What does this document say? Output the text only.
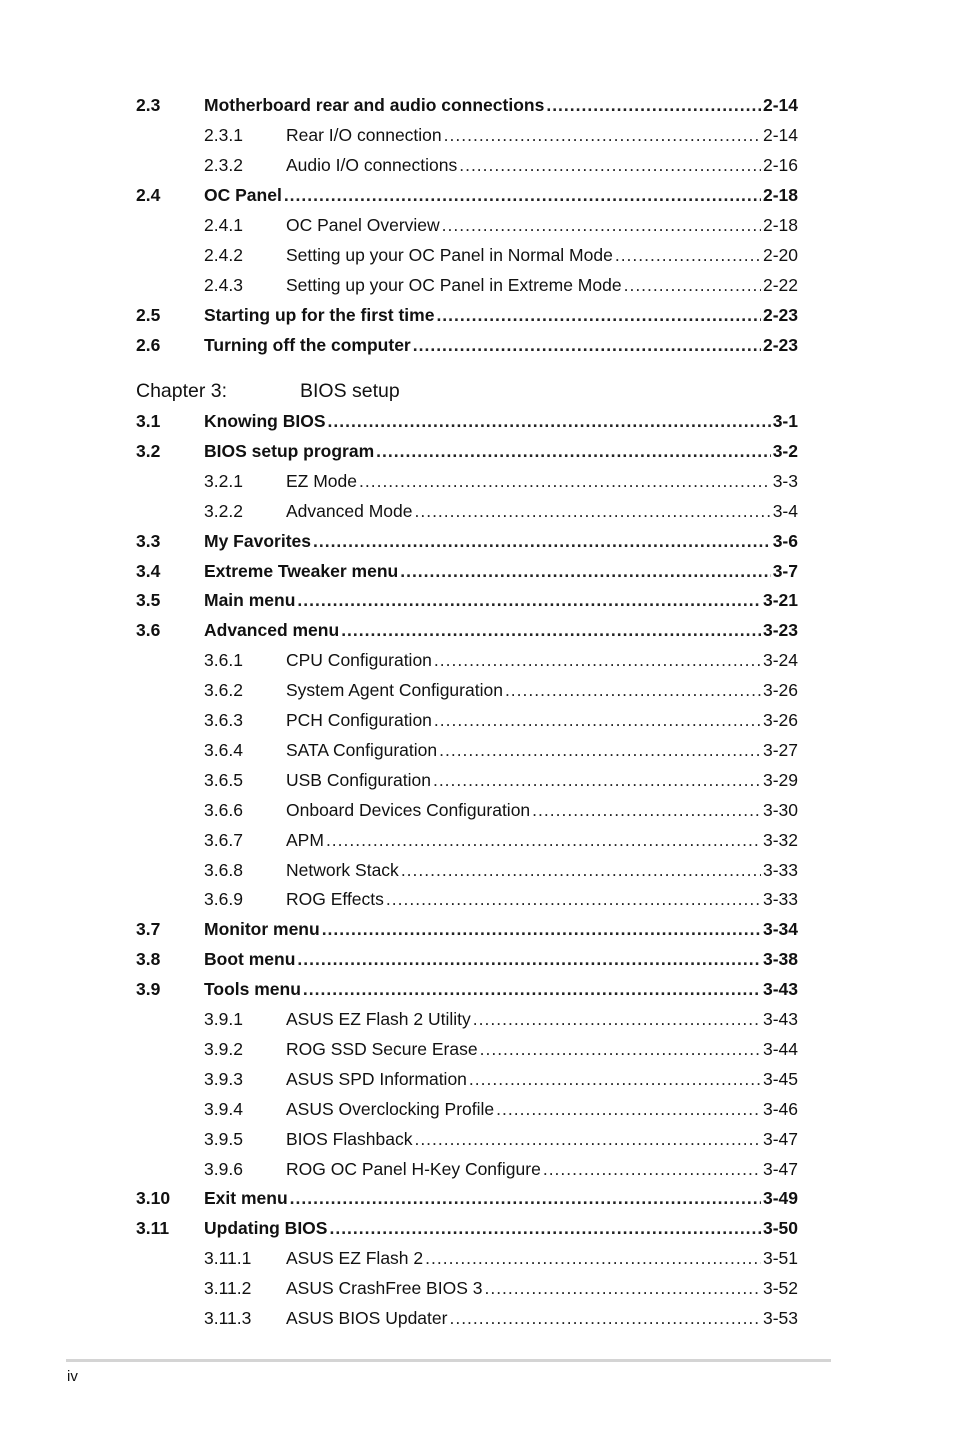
Chapter 3:	BIOS setup
2.3 Motherboard rear and audio connections .....	2-14
2.3.1 Rear I/O connection .....	2-14
2.3.2 Audio I/O connections .....	2-16
2.4 OC Panel .....	2-18
2.4.1 OC Panel Overview .....	2-18
2.4.2 Setting up your OC Panel in Normal Mode .....	2-20
2.4.3 Setting up your OC Panel in Extreme Mode .....	2-22
2.5 Starting up for the first time .....	2-23
2.6 Turning off the computer .....	2-23
3.1 Knowing BIOS .....	3-1
3.2 BIOS setup program .....	3-2
3.2.1 EZ Mode .....	3-3
3.2.2 Advanced Mode .....	3-4
3.3 My Favorites .....	3-6
3.4 Extreme Tweaker menu .....	3-7
3.5 Main menu .....	3-21
3.6 Advanced menu .....	3-23
3.6.1 CPU Configuration .....	3-24
3.6.2 System Agent Configuration .....	3-26
3.6.3 PCH Configuration .....	3-26
3.6.4 SATA Configuration .....	3-27
3.6.5 USB Configuration .....	3-29
3.6.6 Onboard Devices Configuration .....	3-30
3.6.7 APM .....	3-32
3.6.8 Network Stack .....	3-33
3.6.9 ROG Effects .....	3-33
3.7 Monitor menu .....	3-34
3.8 Boot menu .....	3-38
3.9 Tools menu .....	3-43
3.9.1 ASUS EZ Flash 2 Utility .....	3-43
3.9.2 ROG SSD Secure Erase .....	3-44
3.9.3 ASUS SPD Information .....	3-45
3.9.4 ASUS Overclocking Profile .....	3-46
3.9.5 BIOS Flashback .....	3-47
3.9.6 ROG OC Panel H-Key Configure .....	3-47
3.10 Exit menu .....	3-49
3.11 Updating BIOS .....	3-50
3.11.1 ASUS EZ Flash 2 .....	3-51
3.11.2 ASUS CrashFree BIOS 3 .....	3-52
3.11.3 ASUS BIOS Updater .....	3-53
iv
